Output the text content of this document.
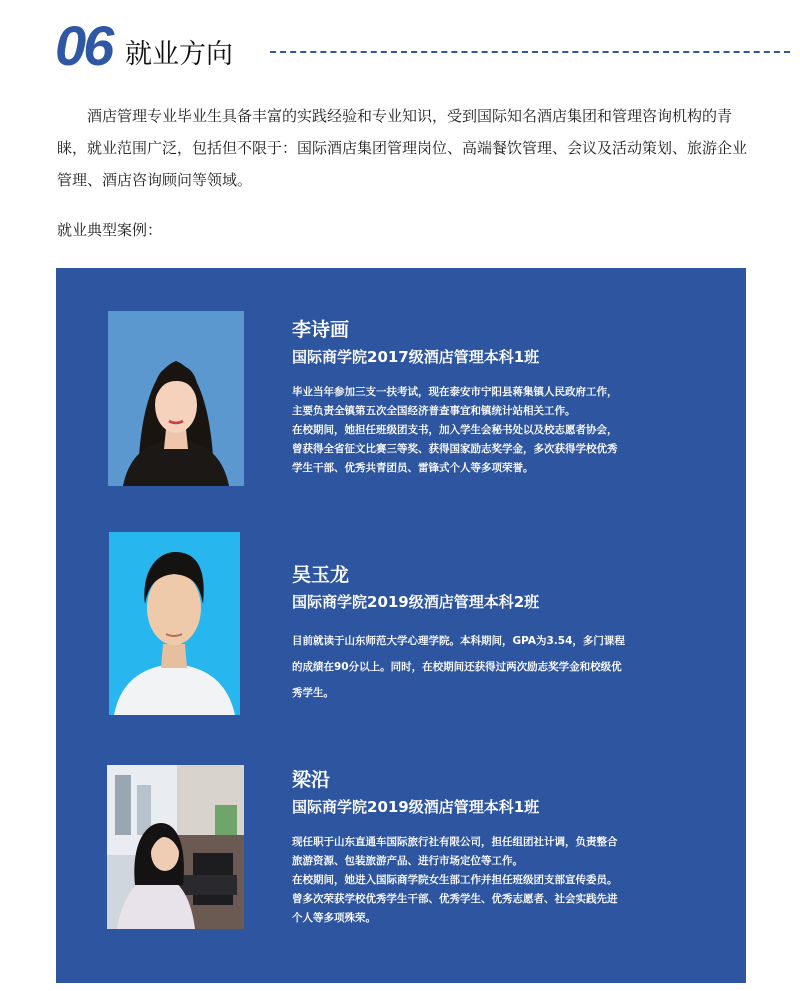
06 就业方向

酒店管理专业毕业生具备丰富的实践经验和专业知识，受到国际知名酒店集团和管理咨询机构的青睐，就业范围广泛，包括但不限于：国际酒店集团管理岗位、高端餐饮管理、会议及活动策划、旅游企业管理、酒店咨询顾问等领域。

就业典型案例：
李诗画
国际商学院2017级酒店管理本科1班
毕业当年参加三支一扶考试，现在泰安市宁阳县蒋集镇人民政府工作，
主要负责全镇第五次全国经济普查事宜和镇统计站相关工作。
在校期间，她担任班级团支书，加入学生会秘书处以及校志愿者协会，
曾获得全省征文比赛三等奖、获得国家励志奖学金，多次获得学校优秀
学生干部、优秀共青团员、雷锋式个人等多项荣誉。
吴玉龙
国际商学院2019级酒店管理本科2班
目前就读于山东师范大学心理学院。本科期间，GPA为3.54，多门课程
的成绩在90分以上。同时，在校期间还获得过两次励志奖学金和校级优
秀学生。
梁沿
国际商学院2019级酒店管理本科1班
现任职于山东直通车国际旅行社有限公司，担任组团社计调，负责整合
旅游资源、包装旅游产品、进行市场定位等工作。
在校期间，她进入国际商学院女生部工作并担任班级团支部宣传委员。
曾多次荣获学校优秀学生干部、优秀学生、优秀志愿者、社会实践先进
个人等多项殊荣。
